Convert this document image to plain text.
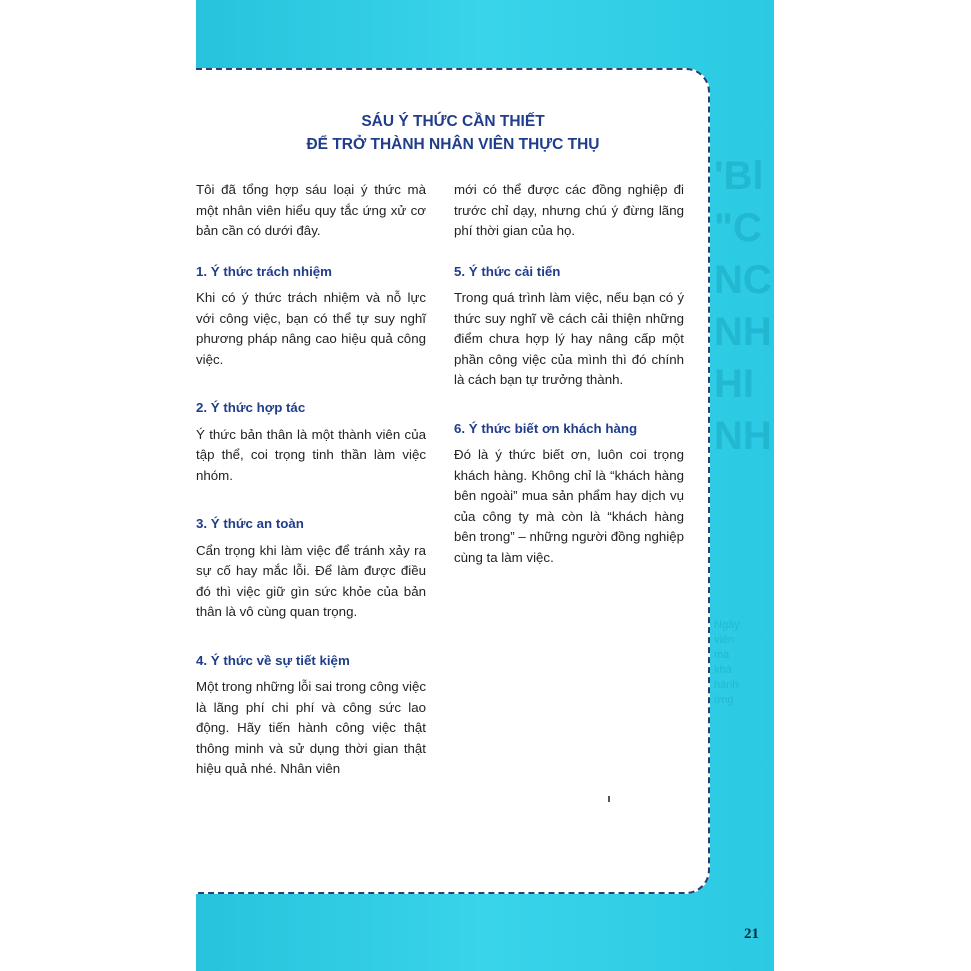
'Bl
"C
NC
NH
HI
NH
Ngày
viên
mà
khả
hành
ứng
SÁU Ý THỨC CẦN THIẾT
ĐỂ TRỞ THÀNH NHÂN VIÊN THỰC THỤ

Tôi đã tổng hợp sáu loại ý thức mà một nhân viên hiểu quy tắc ứng xử cơ bản cần có dưới đây.

1. Ý thức trách nhiệm

Khi có ý thức trách nhiệm và nỗ lực với công việc, bạn có thể tự suy nghĩ phương pháp nâng cao hiệu quả công việc.

2. Ý thức hợp tác

Ý thức bản thân là một thành viên của tập thể, coi trọng tinh thần làm việc nhóm.

3. Ý thức an toàn

Cẩn trọng khi làm việc để tránh xảy ra sự cố hay mắc lỗi. Để làm được điều đó thì việc giữ gìn sức khỏe của bản thân là vô cùng quan trọng.

4. Ý thức về sự tiết kiệm

Một trong những lỗi sai trong công việc là lãng phí chi phí và công sức lao động. Hãy tiến hành công việc thật thông minh và sử dụng thời gian thật hiệu quả nhé. Nhân viên

mới có thể được các đồng nghiệp đi trước chỉ dạy, nhưng chú ý đừng lãng phí thời gian của họ.

5. Ý thức cải tiến

Trong quá trình làm việc, nếu bạn có ý thức suy nghĩ về cách cải thiện những điểm chưa hợp lý hay nâng cấp một phần công việc của mình thì đó chính là cách bạn tự trưởng thành.

6. Ý thức biết ơn khách hàng

Đó là ý thức biết ơn, luôn coi trọng khách hàng. Không chỉ là “khách hàng bên ngoài” mua sản phẩm hay dịch vụ của công ty mà còn là “khách hàng bên trong” – những người đồng nghiệp cùng ta làm việc.

21
